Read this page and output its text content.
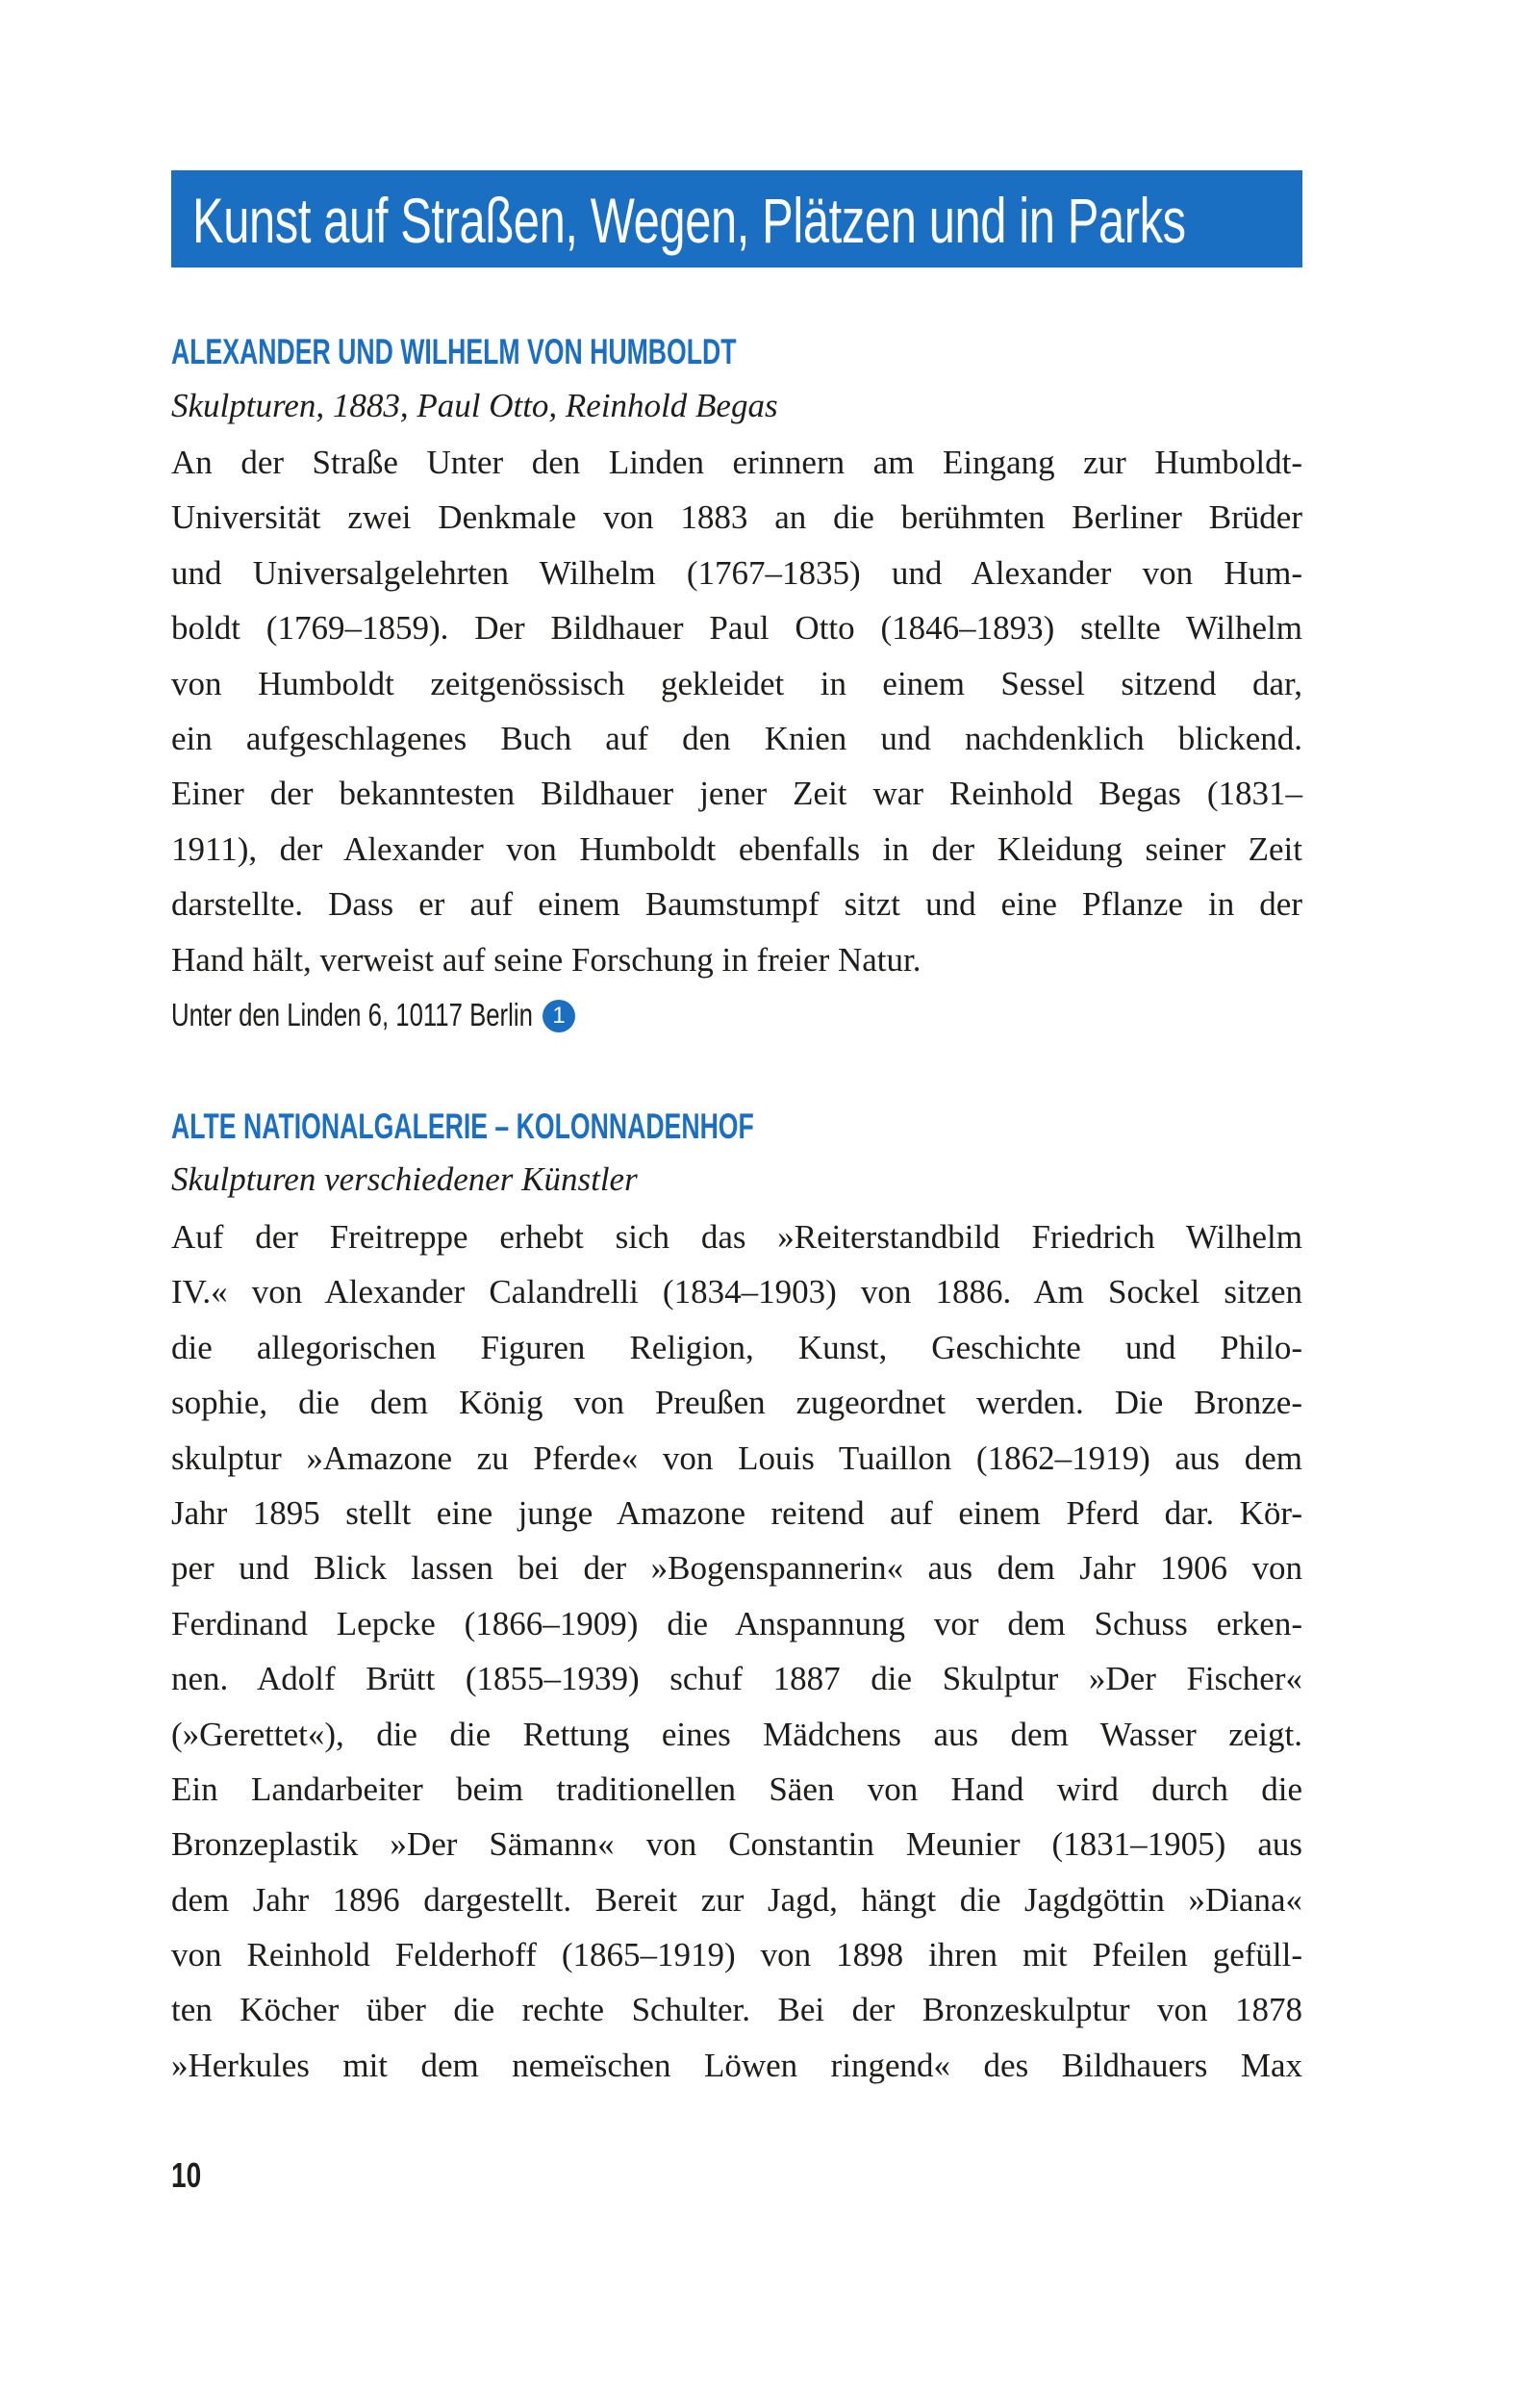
Kunst auf Straßen, Wegen, Plätzen und in Parks
ALEXANDER UND WILHELM VON HUMBOLDT
Skulpturen, 1883, Paul Otto, Reinhold Begas
An der Straße Unter den Linden erinnern am Eingang zur Humboldt-
Universität zwei Denkmale von 1883 an die berühmten Berliner Brüder
und Universalgelehrten Wilhelm (1767–1835) und Alexander von Hum-
boldt (1769–1859). Der Bildhauer Paul Otto (1846–1893) stellte Wilhelm
von Humboldt zeitgenössisch gekleidet in einem Sessel sitzend dar,
ein aufgeschlagenes Buch auf den Knien und nachdenklich blickend.
Einer der bekanntesten Bildhauer jener Zeit war Reinhold Begas (1831–
1911), der Alexander von Humboldt ebenfalls in der Kleidung seiner Zeit
darstellte. Dass er auf einem Baumstumpf sitzt und eine Pflanze in der
Hand hält, verweist auf seine Forschung in freier Natur.
Unter den Linden 6, 10117 Berlin 1
ALTE NATIONALGALERIE – KOLONNADENHOF
Skulpturen verschiedener Künstler
Auf der Freitreppe erhebt sich das »Reiterstandbild Friedrich Wilhelm
IV.« von Alexander Calandrelli (1834–1903) von 1886. Am Sockel sitzen
die allegorischen Figuren Religion, Kunst, Geschichte und Philo-
sophie, die dem König von Preußen zugeordnet werden. Die Bronze-
skulptur »Amazone zu Pferde« von Louis Tuaillon (1862–1919) aus dem
Jahr 1895 stellt eine junge Amazone reitend auf einem Pferd dar. Kör-
per und Blick lassen bei der »Bogenspannerin« aus dem Jahr 1906 von
Ferdinand Lepcke (1866–1909) die Anspannung vor dem Schuss erken-
nen. Adolf Brütt (1855–1939) schuf 1887 die Skulptur »Der Fischer«
(»Gerettet«), die die Rettung eines Mädchens aus dem Wasser zeigt.
Ein Landarbeiter beim traditionellen Säen von Hand wird durch die
Bronzeplastik »Der Sämann« von Constantin Meunier (1831–1905) aus
dem Jahr 1896 dargestellt. Bereit zur Jagd, hängt die Jagdgöttin »Diana«
von Reinhold Felderhoff (1865–1919) von 1898 ihren mit Pfeilen gefüll-
ten Köcher über die rechte Schulter. Bei der Bronzeskulptur von 1878
»Herkules mit dem nemeïschen Löwen ringend« des Bildhauers Max
10
